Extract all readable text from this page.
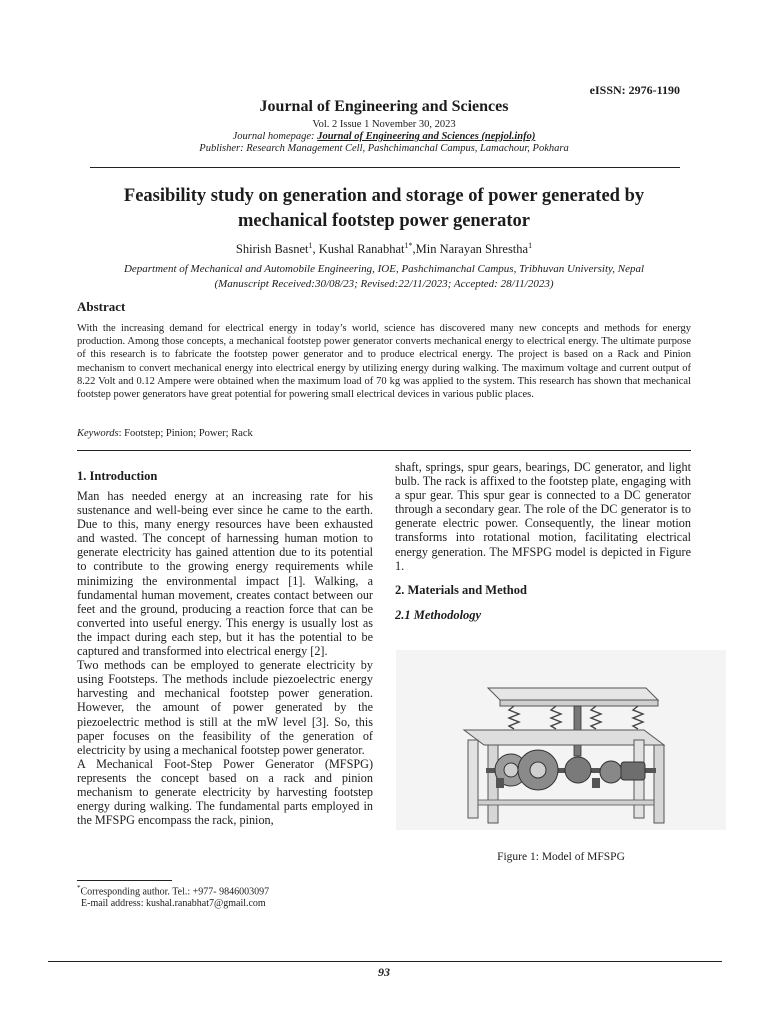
eISSN: 2976-1190
Journal of Engineering and Sciences
Vol. 2 Issue 1 November 30, 2023
Journal homepage: Journal of Engineering and Sciences (nepjol.info)
Publisher: Research Management Cell, Pashchimanchal Campus, Lamachour, Pokhara
Feasibility study on generation and storage of power generated by
mechanical footstep power generator
Shirish Basnet$^1$, Kushal Ranabhat$^{1*}$,Min Narayan Shrestha$^1$
Department of Mechanical and Automobile Engineering, IOE, Pashchimanchal Campus, Tribhuvan University, Nepal
(Manuscript Received:30/08/23; Revised:22/11/2023; Accepted: 28/11/2023)
Abstract
With the increasing demand for electrical energy in today’s world, science has discovered many new concepts and methods for energy production. Among those concepts, a mechanical footstep power generator converts mechanical energy to electrical energy. The ultimate purpose of this research is to fabricate the footstep power generator and to produce electrical energy. The project is based on a Rack and Pinion mechanism to convert mechanical energy into electrical energy by utilizing energy during walking. The maximum voltage and current output of 8.22 Volt and 0.12 Ampere were obtained when the maximum load of 70 kg was applied to the system. This research has shown that mechanical footstep power generators have great potential for powering small electrical devices in various public places.
Keywords: Footstep; Pinion; Power; Rack
1. Introduction

Man has needed energy at an increasing rate for his sustenance and well-being ever since he came to the earth. Due to this, many energy resources have been exhausted and wasted. The concept of harnessing human motion to generate electricity has gained attention due to its potential to contribute to the growing energy requirements while minimizing the environmental impact [1]. Walking, a fundamental human movement, creates contact between our feet and the ground, producing a reaction force that can be converted into useful energy. This energy is usually lost as the impact during each step, but it has the potential to be captured and transformed into electrical energy [2].

Two methods can be employed to generate electricity by using Footsteps. The methods include piezoelectric energy harvesting and mechanical footstep power generation. However, the amount of power generated by the piezoelectric method is still at the mW level [3]. So, this paper focuses on the feasibility of the generation of electricity by using a mechanical footstep power generator.

A Mechanical Foot-Step Power Generator (MFSPG) represents the concept based on a rack and pinion mechanism to generate electricity by harvesting footstep energy during walking. The fundamental parts employed in the MFSPG encompass the rack, pinion,

shaft, springs, spur gears, bearings, DC generator, and light bulb. The rack is affixed to the footstep plate, engaging with a spur gear. This spur gear is connected to a DC generator through a secondary gear. The role of the DC generator is to generate electric power. Consequently, the linear motion transforms into rotational motion, facilitating electrical energy generation. The MFSPG model is depicted in Figure 1.

2. Materials and Method
2.1 Methodology
Figure 1: Model of MFSPG
*Corresponding author. Tel.: +977- 9846003097
E-mail address: kushal.ranabhat7@gmail.com
93
